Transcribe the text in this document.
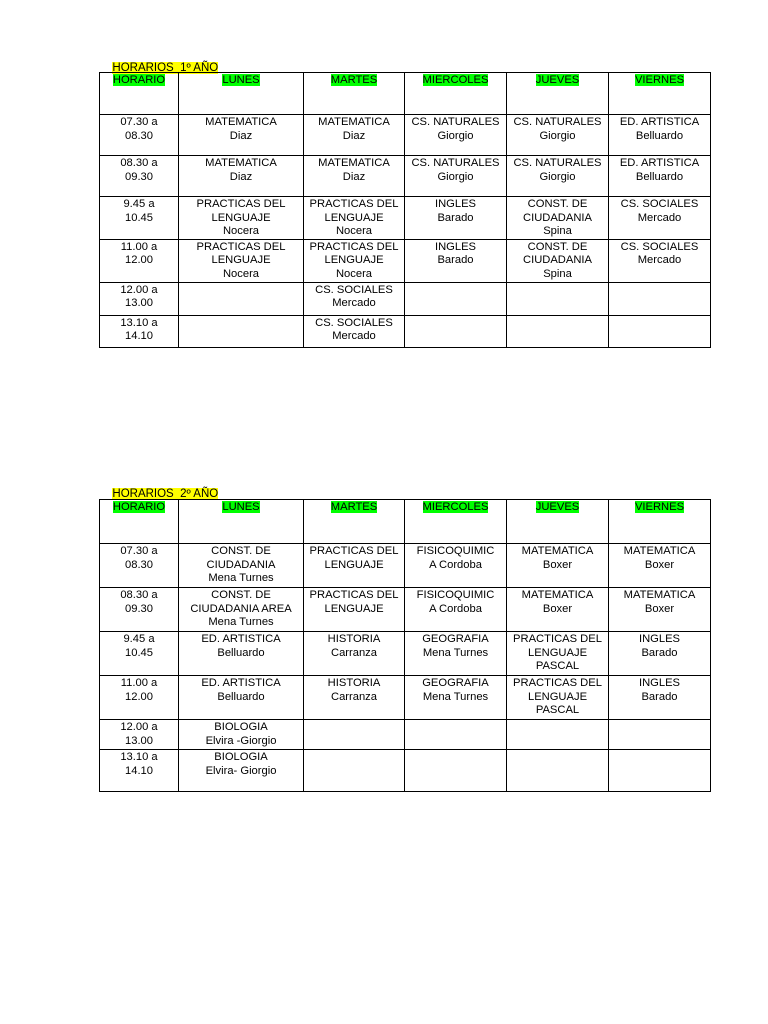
HORARIOS  1º AÑO

HORARIO	LUNES	MARTES	MIERCOLES	JUEVES	VIERNES

07.30 a
08.30	MATEMATICA
Diaz	MATEMATICA
Diaz	CS. NATURALES
Giorgio	CS. NATURALES
Giorgio	ED. ARTISTICA
Belluardo

08.30 a
09.30	MATEMATICA
Diaz	MATEMATICA
Diaz	CS. NATURALES
Giorgio	CS. NATURALES
Giorgio	ED. ARTISTICA
Belluardo

9.45 a
10.45	PRACTICAS DEL
LENGUAJE
Nocera	PRACTICAS DEL
LENGUAJE
Nocera	INGLES
Barado	CONST. DE
CIUDADANIA
Spina	CS. SOCIALES
Mercado

11.00 a
12.00	PRACTICAS DEL
LENGUAJE
Nocera	PRACTICAS DEL
LENGUAJE
Nocera	INGLES
Barado	CONST. DE
CIUDADANIA
Spina	CS. SOCIALES
Mercado

12.00 a
13.00		CS. SOCIALES
Mercado			

13.10 a
14.10		CS. SOCIALES
Mercado			

HORARIOS  2º AÑO

HORARIO	LUNES	MARTES	MIERCOLES	JUEVES	VIERNES

07.30 a
08.30	CONST. DE
CIUDADANIA
Mena Turnes	PRACTICAS DEL
LENGUAJE	FISICOQUIMIC
A Cordoba	MATEMATICA
Boxer	MATEMATICA
Boxer

08.30 a
09.30	CONST. DE
CIUDADANIA AREA
Mena Turnes	PRACTICAS DEL
LENGUAJE	FISICOQUIMIC
A Cordoba	MATEMATICA
Boxer	MATEMATICA
Boxer

9.45 a
10.45	ED. ARTISTICA
Belluardo	HISTORIA
Carranza	GEOGRAFIA
Mena Turnes	PRACTICAS DEL
LENGUAJE
PASCAL	INGLES
Barado

11.00 a
12.00	ED. ARTISTICA
Belluardo	HISTORIA
Carranza	GEOGRAFIA
Mena Turnes	PRACTICAS DEL
LENGUAJE
PASCAL	INGLES
Barado

12.00 a
13.00	BIOLOGIA
Elvira -Giorgio				

13.10 a
14.10	BIOLOGIA
Elvira- Giorgio				
